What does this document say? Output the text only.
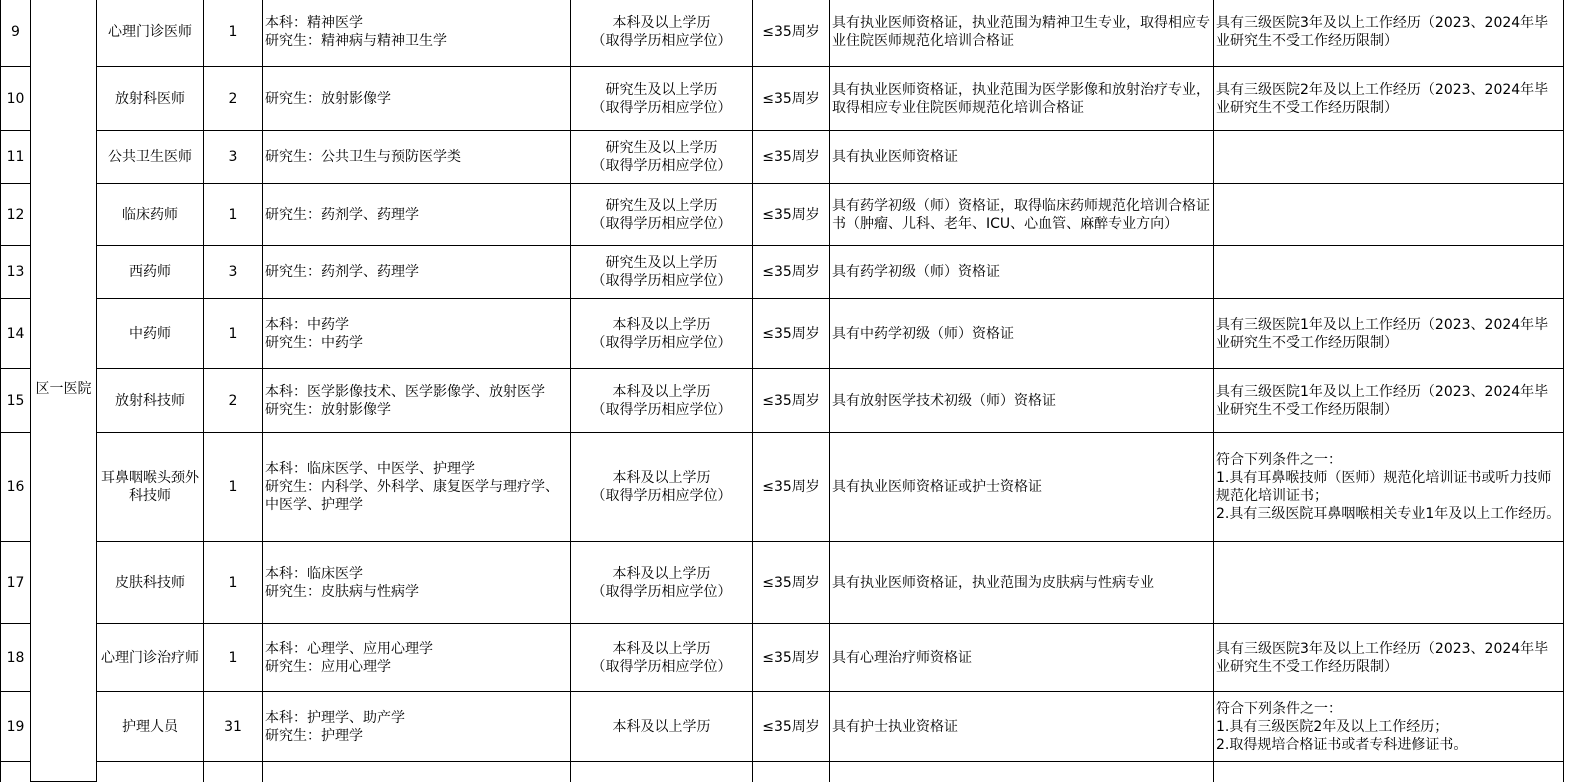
9	区一医院	心理门诊医师	1	本科：精神医学
研究生：精神病与精神卫生学	本科及以上学历
（取得学历相应学位）	≤35周岁	具有执业医师资格证，执业范围为精神卫生专业，取得相应专业住院医师规范化培训合格证	具有三级医院3年及以上工作经历（2023、2024年毕业研究生不受工作经历限制）
10		放射科医师	2	研究生：放射影像学	研究生及以上学历
（取得学历相应学位）	≤35周岁	具有执业医师资格证，执业范围为医学影像和放射治疗专业，取得相应专业住院医师规范化培训合格证	具有三级医院2年及以上工作经历（2023、2024年毕业研究生不受工作经历限制）
11		公共卫生医师	3	研究生：公共卫生与预防医学类	研究生及以上学历
（取得学历相应学位）	≤35周岁	具有执业医师资格证	
12		临床药师	1	研究生：药剂学、药理学	研究生及以上学历
（取得学历相应学位）	≤35周岁	具有药学初级（师）资格证，取得临床药师规范化培训合格证书（肿瘤、儿科、老年、ICU、心血管、麻醉专业方向）	
13		西药师	3	研究生：药剂学、药理学	研究生及以上学历
（取得学历相应学位）	≤35周岁	具有药学初级（师）资格证	
14		中药师	1	本科：中药学
研究生：中药学	本科及以上学历
（取得学历相应学位）	≤35周岁	具有中药学初级（师）资格证	具有三级医院1年及以上工作经历（2023、2024年毕业研究生不受工作经历限制）
15		放射科技师	2	本科：医学影像技术、医学影像学、放射医学
研究生：放射影像学	本科及以上学历
（取得学历相应学位）	≤35周岁	具有放射医学技术初级（师）资格证	具有三级医院1年及以上工作经历（2023、2024年毕业研究生不受工作经历限制）
16		耳鼻咽喉头颈外科技师	1	本科：临床医学、中医学、护理学
研究生：内科学、外科学、康复医学与理疗学、中医学、护理学	本科及以上学历
（取得学历相应学位）	≤35周岁	具有执业医师资格证或护士资格证	符合下列条件之一：
1.具有耳鼻喉技师（医师）规范化培训证书或听力技师规范化培训证书；
2.具有三级医院耳鼻咽喉相关专业1年及以上工作经历。
17		皮肤科技师	1	本科：临床医学
研究生：皮肤病与性病学	本科及以上学历
（取得学历相应学位）	≤35周岁	具有执业医师资格证，执业范围为皮肤病与性病专业	
18		心理门诊治疗师	1	本科：心理学、应用心理学
研究生：应用心理学	本科及以上学历
（取得学历相应学位）	≤35周岁	具有心理治疗师资格证	具有三级医院3年及以上工作经历（2023、2024年毕业研究生不受工作经历限制）
19		护理人员	31	本科：护理学、助产学
研究生：护理学	本科及以上学历	≤35周岁	具有护士执业资格证	符合下列条件之一：
1.具有三级医院2年及以上工作经历；
2.取得规培合格证书或者专科进修证书。
